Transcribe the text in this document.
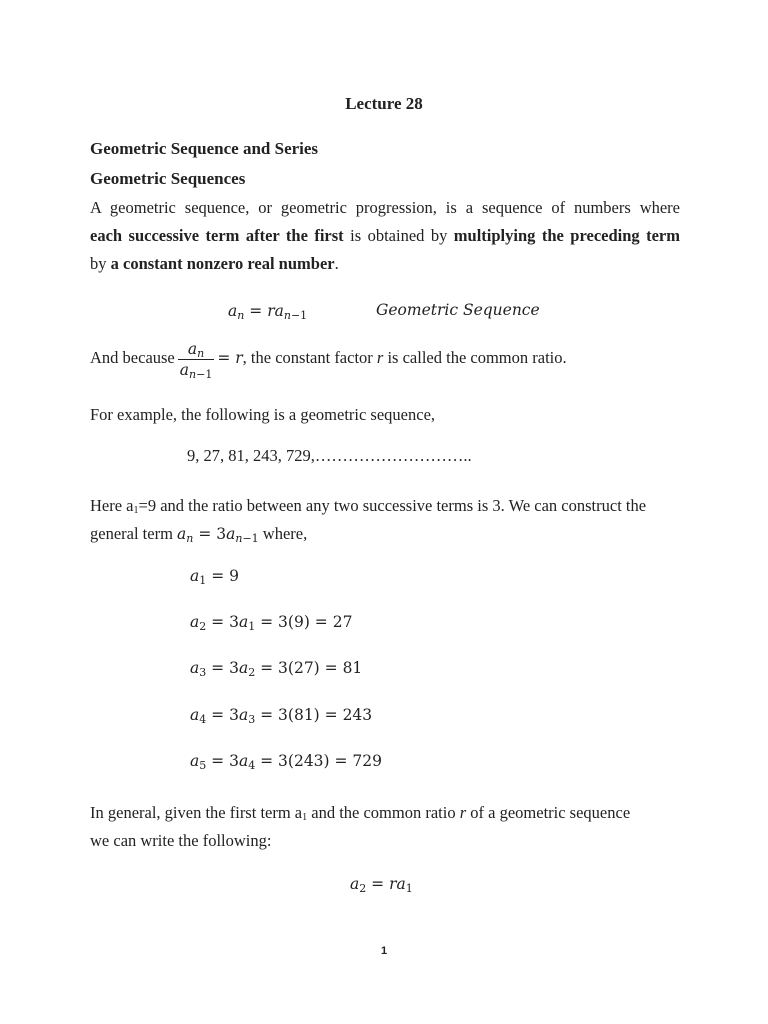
Lecture 28
Geometric Sequence and Series
Geometric Sequences
A geometric sequence, or geometric progression, is a sequence of numbers where
each successive term after the first is obtained by multiplying the preceding term
by a constant nonzero real number.
$a_n = ra_{n-1}$	Geometric Sequence
And because $\frac{a_n}{a_{n-1}} = r$, the constant factor r is called the common ratio.
For example, the following is a geometric sequence,
9, 27, 81, 243, 729,………………………..
Here $a_1=9$ and the ratio between any two successive terms is 3. We can construct the
general term $a_n = 3a_{n-1}$ where,
$a_1 = 9$
$a_2 = 3a_1 = 3(9) = 27$
$a_3 = 3a_2 = 3(27) = 81$
$a_4 = 3a_3 = 3(81) = 243$
$a_5 = 3a_4 = 3(243) = 729$
In general, given the first term $a_1$ and the common ratio r of a geometric sequence
we can write the following:
$a_2 = ra_1$
1
